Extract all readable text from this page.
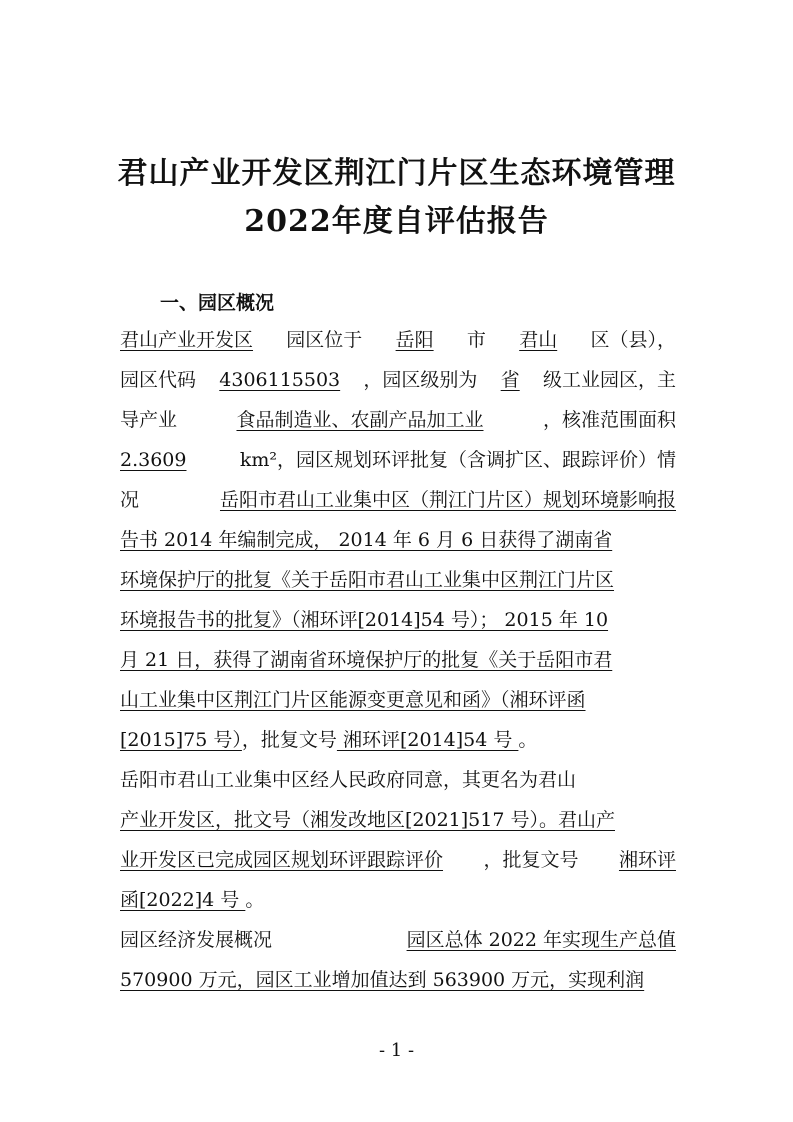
君山产业开发区荆江门片区生态环境管理
2022年度自评估报告
一、园区概况
君山产业开发区 园区位于 岳阳 市 君山 区（县），
园区代码 4306115503 ，园区级别为 省 级工业园区，主
导产业	食品制造业、农副产品加工业	，核准范围面积
2.3609	km²，园区规划环评批复（含调扩区、跟踪评价）情
况	岳阳市君山工业集中区（荆江门片区）规划环境影响报
告书 2014 年编制完成， 2014 年 6 月 6 日获得了湖南省
环境保护厅的批复《关于岳阳市君山工业集中区荆江门片区
环境报告书的批复》（湘环评[2014]54 号）； 2015 年 10
月 21 日，获得了湖南省环境保护厅的批复《关于岳阳市君
山工业集中区荆江门片区能源变更意见和函》（湘环评函
[2015]75 号），批复文号 湘环评[2014]54 号 。
岳阳市君山工业集中区经人民政府同意，其更名为君山
产业开发区，批文号（湘发改地区[2021]517 号）。君山产
业开发区已完成园区规划环评跟踪评价 ，批复文号 湘环评
函[2022]4 号 。
园区经济发展概况	园区总体 2022 年实现生产总值
570900 万元，园区工业增加值达到 563900 万元，实现利润
- 1 -
